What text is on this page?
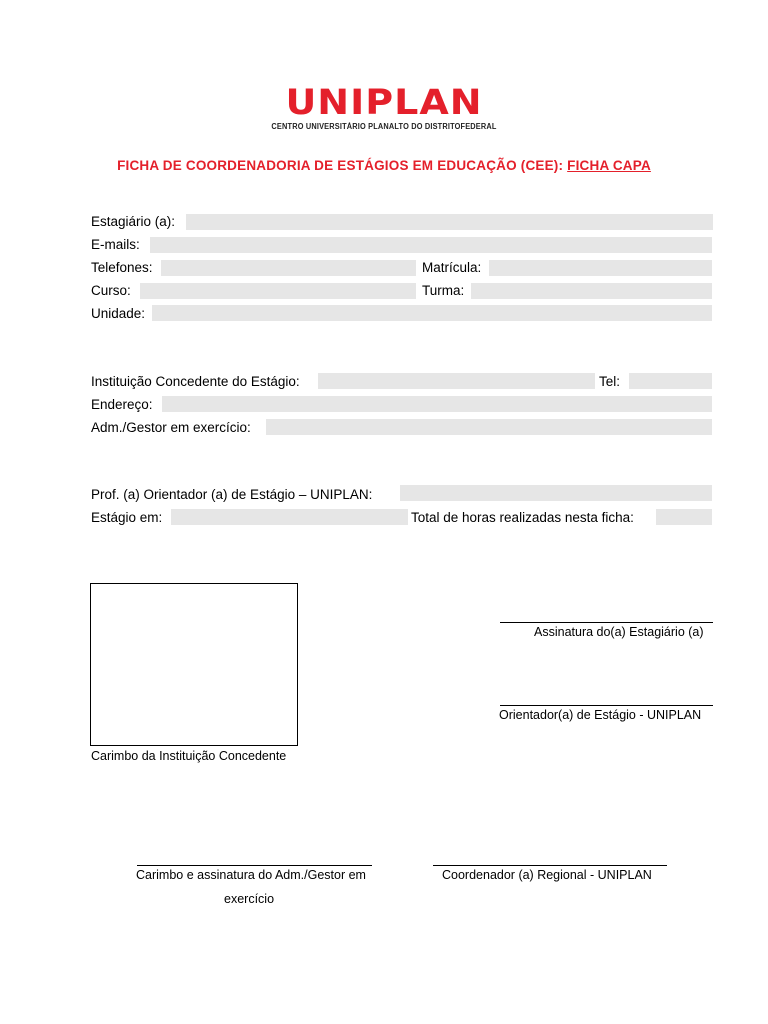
UNIPLAN
CENTRO UNIVERSITÁRIO PLANALTO DO DISTRITOFEDERAL
FICHA DE COORDENADORIA DE ESTÁGIOS EM EDUCAÇÃO (CEE): FICHA CAPA
Estagiário (a):
E-mails:
Telefones:	Matrícula:
Curso:	Turma:
Unidade:
Instituição Concedente do Estágio:	Tel:
Endereço:
Adm./Gestor em exercício:
Prof. (a) Orientador (a) de Estágio – UNIPLAN:
Estágio em:	Total de horas realizadas nesta ficha:
Carimbo da Instituição Concedente
Assinatura do(a) Estagiário (a)
Orientador(a) de Estágio - UNIPLAN
Carimbo e assinatura do Adm./Gestor em
exercício
Coordenador (a) Regional - UNIPLAN
